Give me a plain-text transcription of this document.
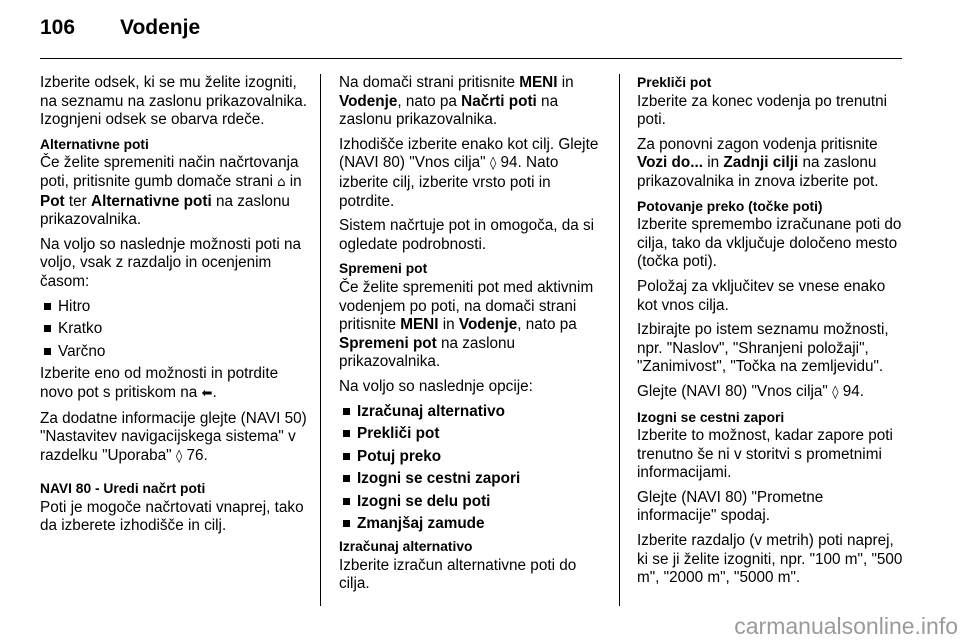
106 Vodenje

Izberite odsek, ki se mu želite izogniti, na seznamu na zaslonu prikazovalnika. Izognjeni odsek se obarva rdeče.

Alternativne poti

Če želite spremeniti način načrtovanja poti, pritisnite gumb domače strani ⌂ in Pot ter Alternativne poti na zaslonu prikazovalnika.

Na voljo so naslednje možnosti poti na voljo, vsak z razdaljo in ocenjenim časom:

Hitro
Kratko
Varčno

Izberite eno od možnosti in potrdite novo pot s pritiskom na ⬅.

Za dodatne informacije glejte (NAVI 50) "Nastavitev navigacijskega sistema" v razdelku "Uporaba" ◊ 76.

NAVI 80 - Uredi načrt poti

Poti je mogoče načrtovati vnaprej, tako da izberete izhodišče in cilj.

Na domači strani pritisnite MENI in Vodenje, nato pa Načrti poti na zaslonu prikazovalnika.

Izhodišče izberite enako kot cilj. Glejte (NAVI 80) "Vnos cilja" ◊ 94. Nato izberite cilj, izberite vrsto poti in potrdite.

Sistem načrtuje pot in omogoča, da si ogledate podrobnosti.

Spremeni pot

Če želite spremeniti pot med aktivnim vodenjem po poti, na domači strani pritisnite MENI in Vodenje, nato pa Spremeni pot na zaslonu prikazovalnika.

Na voljo so naslednje opcije:

Izračunaj alternativo
Prekliči pot
Potuj preko
Izogni se cestni zapori
Izogni se delu poti
Zmanjšaj zamude
Izračunaj alternativo

Izberite izračun alternativne poti do cilja.

Prekliči pot

Izberite za konec vodenja po trenutni poti.

Za ponovni zagon vodenja pritisnite Vozi do... in Zadnji cilji na zaslonu prikazovalnika in znova izberite pot.

Potovanje preko (točke poti)

Izberite spremembo izračunane poti do cilja, tako da vključuje določeno mesto (točka poti).

Položaj za vključitev se vnese enako kot vnos cilja.

Izbirajte po istem seznamu možnosti, npr. "Naslov", "Shranjeni položaji", "Zanimivost", "Točka na zemljevidu".

Glejte (NAVI 80) "Vnos cilja" ◊ 94.

Izogni se cestni zapori

Izberite to možnost, kadar zapore poti trenutno še ni v storitvi s prometnimi informacijami.

Glejte (NAVI 80) "Prometne informacije" spodaj.

Izberite razdaljo (v metrih) poti naprej, ki se ji želite izogniti, npr. "100 m", "500 m", "2000 m", "5000 m".

carmanualsonline.info
